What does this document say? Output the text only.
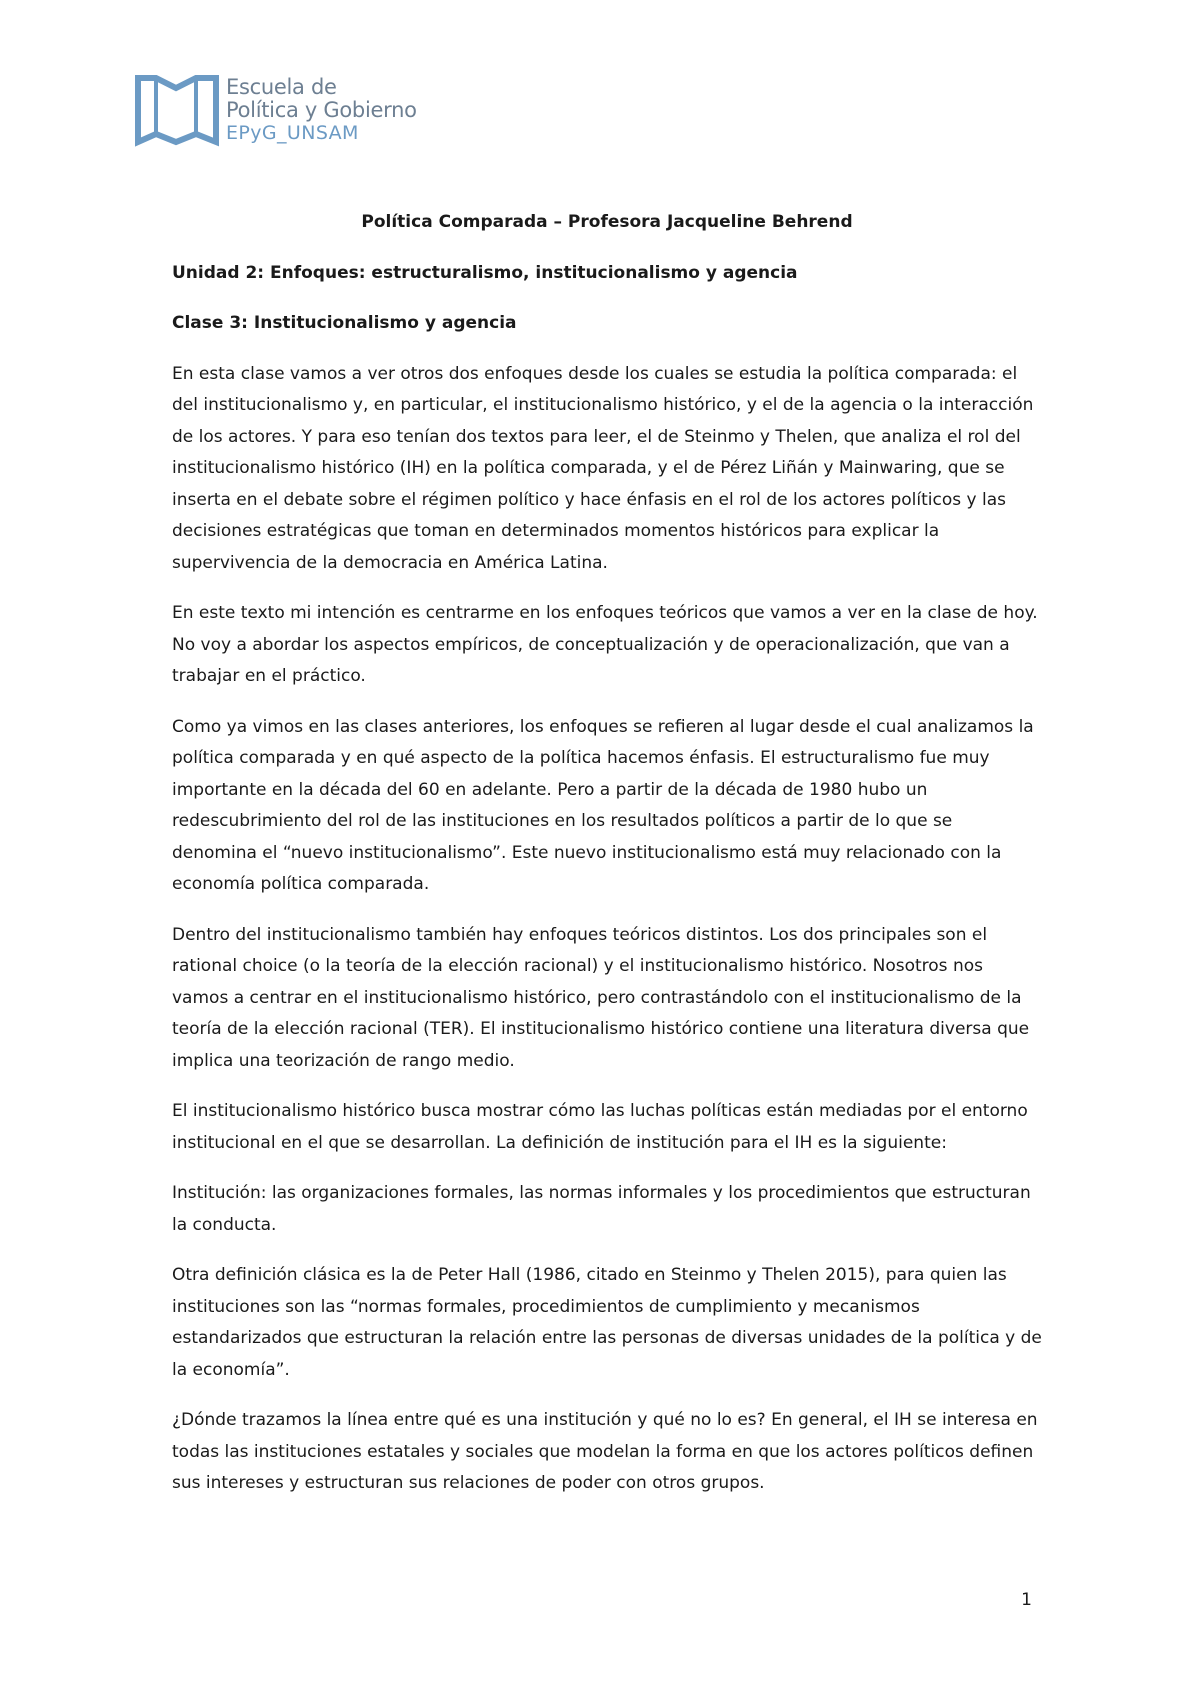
Escuela de
Política y Gobierno
EPyG_UNSAM

Política Comparada – Profesora Jacqueline Behrend

Unidad 2: Enfoques: estructuralismo, institucionalismo y agencia

Clase 3: Institucionalismo y agencia

En esta clase vamos a ver otros dos enfoques desde los cuales se estudia la política comparada: el del institucionalismo y, en particular, el institucionalismo histórico, y el de la agencia o la interacción de los actores. Y para eso tenían dos textos para leer, el de Steinmo y Thelen, que analiza el rol del institucionalismo histórico (IH) en la política comparada, y el de Pérez Liñán y Mainwaring, que se inserta en el debate sobre el régimen político y hace énfasis en el rol de los actores políticos y las decisiones estratégicas que toman en determinados momentos históricos para explicar la supervivencia de la democracia en América Latina.

En este texto mi intención es centrarme en los enfoques teóricos que vamos a ver en la clase de hoy. No voy a abordar los aspectos empíricos, de conceptualización y de operacionalización, que van a trabajar en el práctico.

Como ya vimos en las clases anteriores, los enfoques se refieren al lugar desde el cual analizamos la política comparada y en qué aspecto de la política hacemos énfasis. El estructuralismo fue muy importante en la década del 60 en adelante. Pero a partir de la década de 1980 hubo un redescubrimiento del rol de las instituciones en los resultados políticos a partir de lo que se denomina el “nuevo institucionalismo”. Este nuevo institucionalismo está muy relacionado con la economía política comparada.

Dentro del institucionalismo también hay enfoques teóricos distintos. Los dos principales son el rational choice (o la teoría de la elección racional) y el institucionalismo histórico. Nosotros nos vamos a centrar en el institucionalismo histórico, pero contrastándolo con el institucionalismo de la teoría de la elección racional (TER). El institucionalismo histórico contiene una literatura diversa que implica una teorización de rango medio.

El institucionalismo histórico busca mostrar cómo las luchas políticas están mediadas por el entorno institucional en el que se desarrollan. La definición de institución para el IH es la siguiente:

Institución: las organizaciones formales, las normas informales y los procedimientos que estructuran la conducta.

Otra definición clásica es la de Peter Hall (1986, citado en Steinmo y Thelen 2015), para quien las instituciones son las “normas formales, procedimientos de cumplimiento y mecanismos estandarizados que estructuran la relación entre las personas de diversas unidades de la política y de la economía”.

¿Dónde trazamos la línea entre qué es una institución y qué no lo es? En general, el IH se interesa en todas las instituciones estatales y sociales que modelan la forma en que los actores políticos definen sus intereses y estructuran sus relaciones de poder con otros grupos.

1
